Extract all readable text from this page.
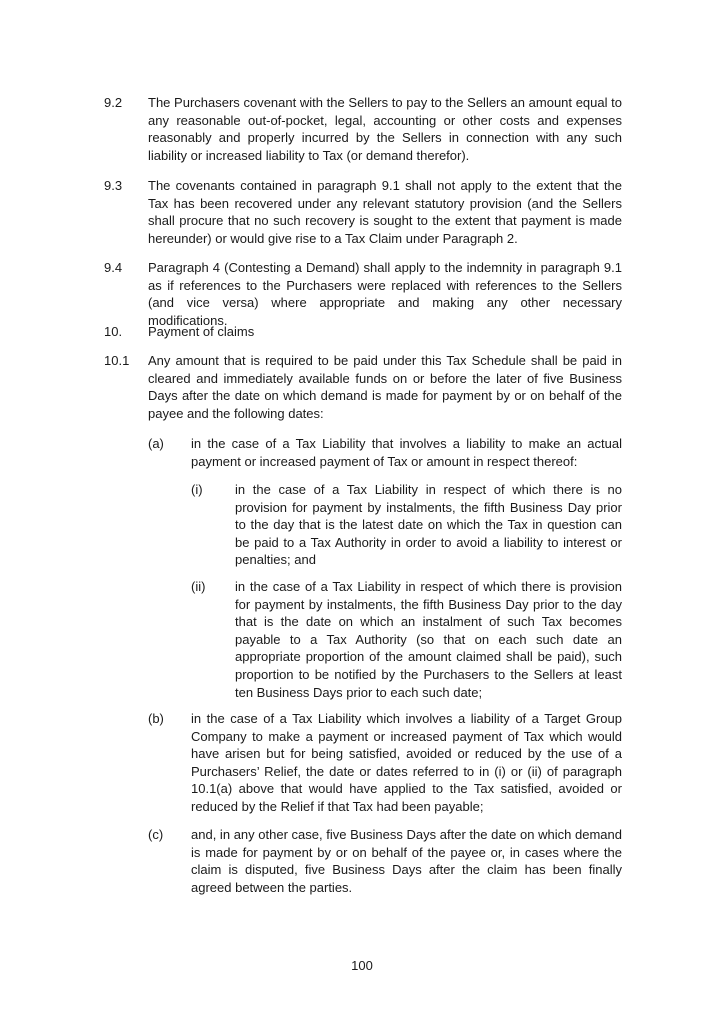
9.2 The Purchasers covenant with the Sellers to pay to the Sellers an amount equal to any reasonable out-of-pocket, legal, accounting or other costs and expenses reasonably and properly incurred by the Sellers in connection with any such liability or increased liability to Tax (or demand therefor).
9.3 The covenants contained in paragraph 9.1 shall not apply to the extent that the Tax has been recovered under any relevant statutory provision (and the Sellers shall procure that no such recovery is sought to the extent that payment is made hereunder) or would give rise to a Tax Claim under Paragraph 2.
9.4 Paragraph 4 (Contesting a Demand) shall apply to the indemnity in paragraph 9.1 as if references to the Purchasers were replaced with references to the Sellers (and vice versa) where appropriate and making any other necessary modifications.
10. Payment of claims
10.1 Any amount that is required to be paid under this Tax Schedule shall be paid in cleared and immediately available funds on or before the later of five Business Days after the date on which demand is made for payment by or on behalf of the payee and the following dates:
(a) in the case of a Tax Liability that involves a liability to make an actual payment or increased payment of Tax or amount in respect thereof:
(i) in the case of a Tax Liability in respect of which there is no provision for payment by instalments, the fifth Business Day prior to the day that is the latest date on which the Tax in question can be paid to a Tax Authority in order to avoid a liability to interest or penalties; and
(ii) in the case of a Tax Liability in respect of which there is provision for payment by instalments, the fifth Business Day prior to the day that is the date on which an instalment of such Tax becomes payable to a Tax Authority (so that on each such date an appropriate proportion of the amount claimed shall be paid), such proportion to be notified by the Purchasers to the Sellers at least ten Business Days prior to each such date;
(b) in the case of a Tax Liability which involves a liability of a Target Group Company to make a payment or increased payment of Tax which would have arisen but for being satisfied, avoided or reduced by the use of a Purchasers’ Relief, the date or dates referred to in (i) or (ii) of paragraph 10.1(a) above that would have applied to the Tax satisfied, avoided or reduced by the Relief if that Tax had been payable;
(c) and, in any other case, five Business Days after the date on which demand is made for payment by or on behalf of the payee or, in cases where the claim is disputed, five Business Days after the claim has been finally agreed between the parties.
100
